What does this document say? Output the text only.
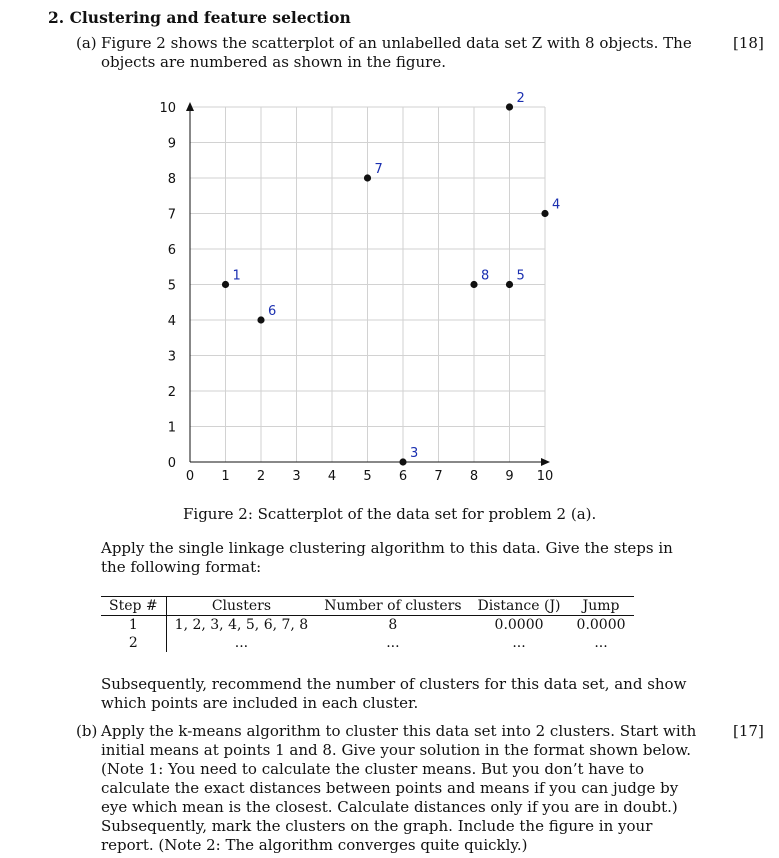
2. Clustering and feature selection
(a) Figure 2 shows the scatterplot of an unlabelled data set Z with 8 objects. The objects are numbered as shown in the figure.
[18]
0 1 2 3 4 5 6 7 8 9 10
0
1
2
3
4
5
6
7
8
9
10
1
2
3
4
5
6
7
8
Figure 2: Scatterplot of the data set for problem 2 (a).
Apply the single linkage clustering algorithm to this data. Give the steps in the following format:
Step #	Clusters	Number of clusters	Distance (J)	Jump
1	1, 2, 3, 4, 5, 6, 7, 8	8	0.0000	0.0000
2	...	...	...	...
Subsequently, recommend the number of clusters for this data set, and show which points are included in each cluster.
(b) Apply the k-means algorithm to cluster this data set into 2 clusters. Start with initial means at points 1 and 8. Give your solution in the format shown below. (Note 1: You need to calculate the cluster means. But you don’t have to calculate the exact distances between points and means if you can judge by eye which mean is the closest. Calculate distances only if you are in doubt.) Subsequently, mark the clusters on the graph. Include the figure in your report. (Note 2: The algorithm converges quite quickly.)
[17]
